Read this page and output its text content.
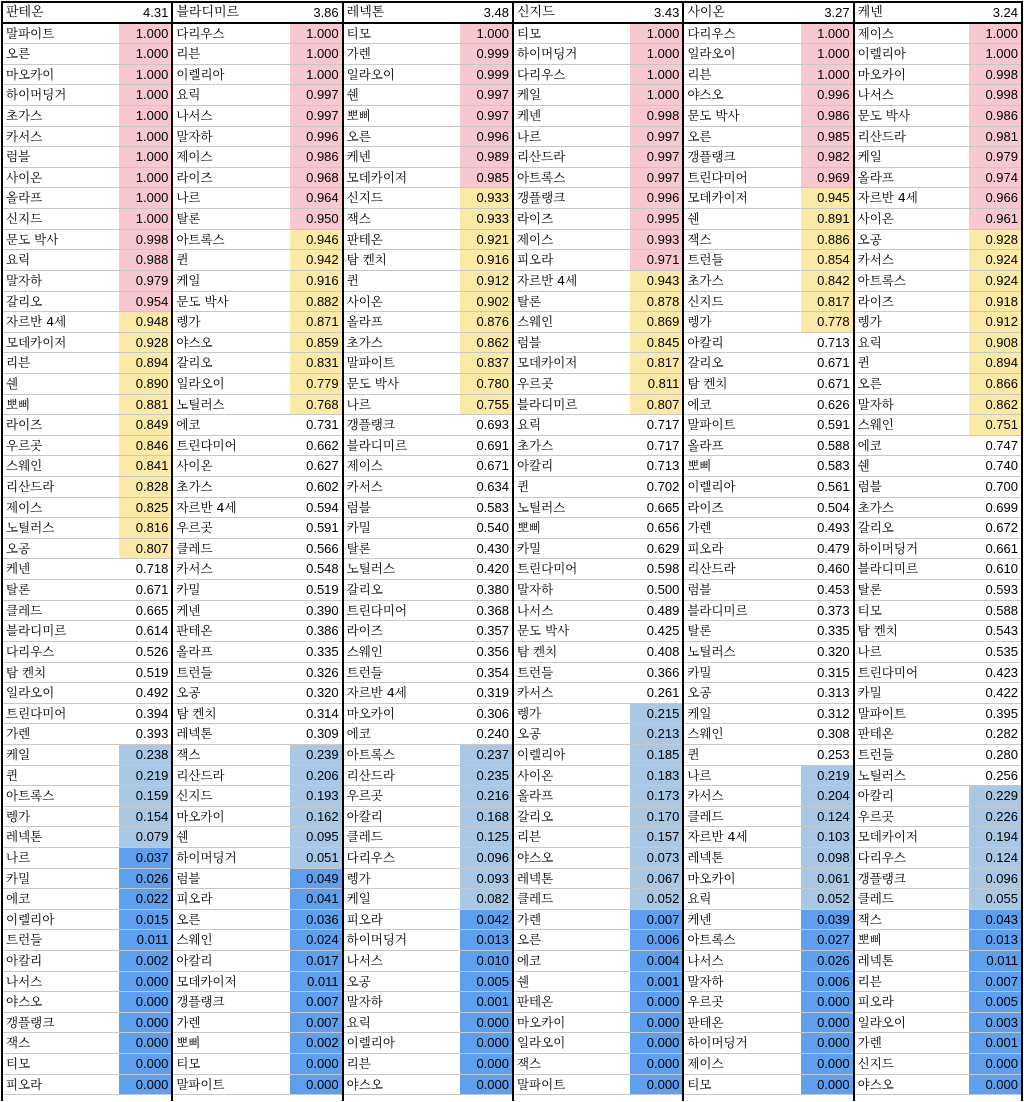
판테온	4.31
말파이트	1.000
오른	1.000
마오카이	1.000
하이머딩거	1.000
초가스	1.000
카서스	1.000
럼블	1.000
사이온	1.000
올라프	1.000
신지드	1.000
문도 박사	0.998
요릭	0.988
말자하	0.979
갈리오	0.954
자르반 4세	0.948
모데카이저	0.928
리븐	0.894
쉔	0.890
뽀삐	0.881
라이즈	0.849
우르곳	0.846
스웨인	0.841
리산드라	0.828
제이스	0.825
노틸러스	0.816
오공	0.807
케넨	0.718
탈론	0.671
클레드	0.665
블라디미르	0.614
다리우스	0.526
탐 켄치	0.519
일라오이	0.492
트린다미어	0.394
가렌	0.393
케일	0.238
퀸	0.219
아트록스	0.159
렝가	0.154
레넥톤	0.079
나르	0.037
카밀	0.026
에코	0.022
이렐리아	0.015
트런들	0.011
아칼리	0.002
나서스	0.000
야스오	0.000
갱플랭크	0.000
잭스	0.000
티모	0.000
피오라	0.000
블라디미르	3.86
다리우스	1.000
리븐	1.000
이렐리아	1.000
요릭	0.997
나서스	0.997
말자하	0.996
제이스	0.986
라이즈	0.968
나르	0.964
탈론	0.950
아트록스	0.946
퀸	0.942
케일	0.916
문도 박사	0.882
렝가	0.871
야스오	0.859
갈리오	0.831
일라오이	0.779
노틸러스	0.768
에코	0.731
트린다미어	0.662
사이온	0.627
초가스	0.602
자르반 4세	0.594
우르곳	0.591
클레드	0.566
카서스	0.548
카밀	0.519
케넨	0.390
판테온	0.386
올라프	0.335
트런들	0.326
오공	0.320
탐 켄치	0.314
레넥톤	0.309
잭스	0.239
리산드라	0.206
신지드	0.193
마오카이	0.162
쉔	0.095
하이머딩거	0.051
럼블	0.049
피오라	0.041
오른	0.036
스웨인	0.024
아칼리	0.017
모데카이저	0.011
갱플랭크	0.007
가렌	0.007
뽀삐	0.002
티모	0.000
말파이트	0.000
레넥톤	3.48
티모	1.000
가렌	0.999
일라오이	0.999
쉔	0.997
뽀삐	0.997
오른	0.996
케넨	0.989
모데카이저	0.985
신지드	0.933
잭스	0.933
판테온	0.921
탐 켄치	0.916
퀸	0.912
사이온	0.902
올라프	0.876
초가스	0.862
말파이트	0.837
문도 박사	0.780
나르	0.755
갱플랭크	0.693
블라디미르	0.691
제이스	0.671
카서스	0.634
럼블	0.583
카밀	0.540
탈론	0.430
노틸러스	0.420
갈리오	0.380
트린다미어	0.368
라이즈	0.357
스웨인	0.356
트런들	0.354
자르반 4세	0.319
마오카이	0.306
에코	0.240
아트록스	0.237
리산드라	0.235
우르곳	0.216
아칼리	0.168
클레드	0.125
다리우스	0.096
렝가	0.093
케일	0.082
피오라	0.042
하이머딩거	0.013
나서스	0.010
오공	0.005
말자하	0.001
요릭	0.000
이렐리아	0.000
리븐	0.000
야스오	0.000
신지드	3.43
티모	1.000
하이머딩거	1.000
다리우스	1.000
케일	1.000
케넨	0.998
나르	0.997
리산드라	0.997
아트록스	0.997
갱플랭크	0.996
라이즈	0.995
제이스	0.993
피오라	0.971
자르반 4세	0.943
탈론	0.878
스웨인	0.869
럼블	0.845
모데카이저	0.817
우르곳	0.811
블라디미르	0.807
요릭	0.717
초가스	0.717
아칼리	0.713
퀸	0.702
노틸러스	0.665
뽀삐	0.656
카밀	0.629
트린다미어	0.598
말자하	0.500
나서스	0.489
문도 박사	0.425
탐 켄치	0.408
트런들	0.366
카서스	0.261
렝가	0.215
오공	0.213
이렐리아	0.185
사이온	0.183
올라프	0.173
갈리오	0.170
리븐	0.157
야스오	0.073
레넥톤	0.067
클레드	0.052
가렌	0.007
오른	0.006
에코	0.004
쉔	0.001
판테온	0.000
마오카이	0.000
일라오이	0.000
잭스	0.000
말파이트	0.000
사이온	3.27
다리우스	1.000
일라오이	1.000
리븐	1.000
야스오	0.996
문도 박사	0.986
오른	0.985
갱플랭크	0.982
트린다미어	0.969
모데카이저	0.945
쉔	0.891
잭스	0.886
트런들	0.854
초가스	0.842
신지드	0.817
렝가	0.778
아칼리	0.713
갈리오	0.671
탐 켄치	0.671
에코	0.626
말파이트	0.591
올라프	0.588
뽀삐	0.583
이렐리아	0.561
라이즈	0.504
가렌	0.493
피오라	0.479
리산드라	0.460
럼블	0.453
블라디미르	0.373
탈론	0.335
노틸러스	0.320
카밀	0.315
오공	0.313
케일	0.312
스웨인	0.308
퀸	0.253
나르	0.219
카서스	0.204
클레드	0.124
자르반 4세	0.103
레넥톤	0.098
마오카이	0.061
요릭	0.052
케넨	0.039
아트록스	0.027
나서스	0.026
말자하	0.006
우르곳	0.000
판테온	0.000
하이머딩거	0.000
제이스	0.000
티모	0.000
케넨	3.24
제이스	1.000
이렐리아	1.000
마오카이	0.998
나서스	0.998
문도 박사	0.986
리산드라	0.981
케일	0.979
올라프	0.974
자르반 4세	0.966
사이온	0.961
오공	0.928
카서스	0.924
아트록스	0.924
라이즈	0.918
렝가	0.912
요릭	0.908
퀸	0.894
오른	0.866
말자하	0.862
스웨인	0.751
에코	0.747
쉔	0.740
럼블	0.700
초가스	0.699
갈리오	0.672
하이머딩거	0.661
블라디미르	0.610
탈론	0.593
티모	0.588
탐 켄치	0.543
나르	0.535
트린다미어	0.423
카밀	0.422
말파이트	0.395
판테온	0.282
트런들	0.280
노틸러스	0.256
아칼리	0.229
우르곳	0.226
모데카이저	0.194
다리우스	0.124
갱플랭크	0.096
클레드	0.055
잭스	0.043
뽀삐	0.013
레넥톤	0.011
리븐	0.007
피오라	0.005
일라오이	0.003
가렌	0.001
신지드	0.000
야스오	0.000
